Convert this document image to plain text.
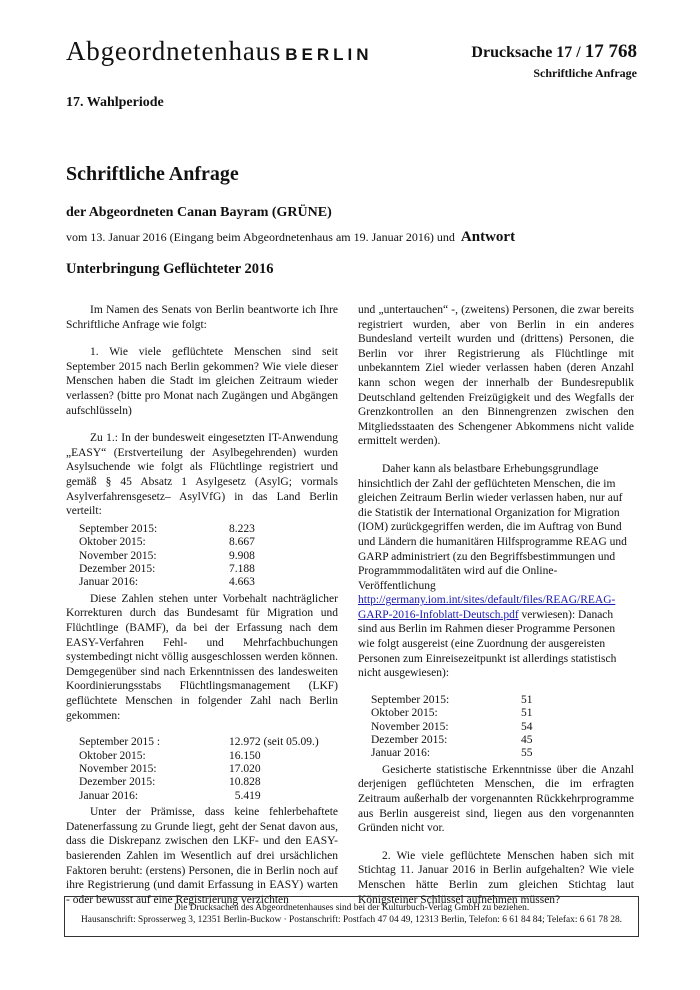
Abgeordnetenhaus BERLIN	Drucksache 17 / 17 768
Schriftliche Anfrage
17. Wahlperiode
Schriftliche Anfrage
der Abgeordneten Canan Bayram (GRÜNE)
vom 13. Januar 2016 (Eingang beim Abgeordnetenhaus am 19. Januar 2016) und Antwort
Unterbringung Geflüchteter 2016

Im Namen des Senats von Berlin beantworte ich Ihre Schriftliche Anfrage wie folgt:

1. Wie viele geflüchtete Menschen sind seit September 2015 nach Berlin gekommen? Wie viele dieser Menschen haben die Stadt im gleichen Zeitraum wieder verlassen? (bitte pro Monat nach Zugängen und Abgängen aufschlüsseln)

Zu 1.: In der bundesweit eingesetzten IT-Anwendung „EASY“ (Erstverteilung der Asylbegehrenden) wurden Asylsuchende wie folgt als Flüchtlinge registriert und gemäß § 45 Absatz 1 Asylgesetz (AsylG; vormals Asylverfahrensgesetz– AsylVfG) in das Land Berlin verteilt:

September 2015:	8.223
Oktober 2015:	8.667
November 2015:	9.908
Dezember 2015:	7.188
Januar 2016:	4.663

Diese Zahlen stehen unter Vorbehalt nachträglicher Korrekturen durch das Bundesamt für Migration und Flüchtlinge (BAMF), da bei der Erfassung nach dem EASY-Verfahren Fehl- und Mehrfachbuchungen systembedingt nicht völlig ausgeschlossen werden können. Demgegenüber sind nach Erkenntnissen des landesweiten Koordinierungsstabs Flüchtlingsmanagement (LKF) geflüchtete Menschen in folgender Zahl nach Berlin gekommen:

September 2015 :	12.972 (seit 05.09.)
Oktober 2015:	16.150
November 2015:	17.020
Dezember 2015:	10.828
Januar 2016:	5.419

Unter der Prämisse, dass keine fehlerbehaftete Datenerfassung zu Grunde liegt, geht der Senat davon aus, dass die Diskrepanz zwischen den LKF- und den EASY-basierenden Zahlen im Wesentlich auf drei ursächlichen Faktoren beruht: (erstens) Personen, die in Berlin noch auf ihre Registrierung (und damit Erfassung in EASY) warten - oder bewusst auf eine Registrierung verzichten

und „untertauchen“ -, (zweitens) Personen, die zwar bereits registriert wurden, aber von Berlin in ein anderes Bundesland verteilt wurden und (drittens) Personen, die Berlin vor ihrer Registrierung als Flüchtlinge mit unbekanntem Ziel wieder verlassen haben (deren Anzahl kann schon wegen der innerhalb der Bundesrepublik Deutschland geltenden Freizügigkeit und des Wegfalls der Grenzkontrollen an den Binnengrenzen zwischen den Mitgliedsstaaten des Schengener Abkommens nicht valide ermittelt werden).

Daher kann als belastbare Erhebungsgrundlage hinsichtlich der Zahl der geflüchteten Menschen, die im gleichen Zeitraum Berlin wieder verlassen haben, nur auf die Statistik der International Organization for Migration (IOM) zurückgegriffen werden, die im Auftrag von Bund und Ländern die humanitären Hilfsprogramme REAG und GARP administriert (zu den Begriffsbestimmungen und Programmmodalitäten wird auf die Online-Veröffentlichung
http://germany.iom.int/sites/default/files/REAG/REAG-GARP-2016-Infoblatt-Deutsch.pdf verwiesen): Danach sind aus Berlin im Rahmen dieser Programme Personen wie folgt ausgereist (eine Zuordnung der ausgereisten Personen zum Einreisezeitpunkt ist allerdings statistisch nicht ausgewiesen):

September 2015:	51
Oktober 2015:	51
November 2015:	54
Dezember 2015:	45
Januar 2016:	55

Gesicherte statistische Erkenntnisse über die Anzahl derjenigen geflüchteten Menschen, die im erfragten Zeitraum außerhalb der vorgenannten Rückkehrprogramme aus Berlin ausgereist sind, liegen aus den vorgenannten Gründen nicht vor.

2. Wie viele geflüchtete Menschen haben sich mit Stichtag 11. Januar 2016 in Berlin aufgehalten? Wie viele Menschen hätte Berlin zum gleichen Stichtag laut Königsteiner Schlüssel aufnehmen müssen?

Die Drucksachen des Abgeordnetenhauses sind bei der Kulturbuch-Verlag GmbH zu beziehen.
Hausanschrift: Sprosserweg 3, 12351 Berlin-Buckow · Postanschrift: Postfach 47 04 49, 12313 Berlin, Telefon: 6 61 84 84; Telefax: 6 61 78 28.
